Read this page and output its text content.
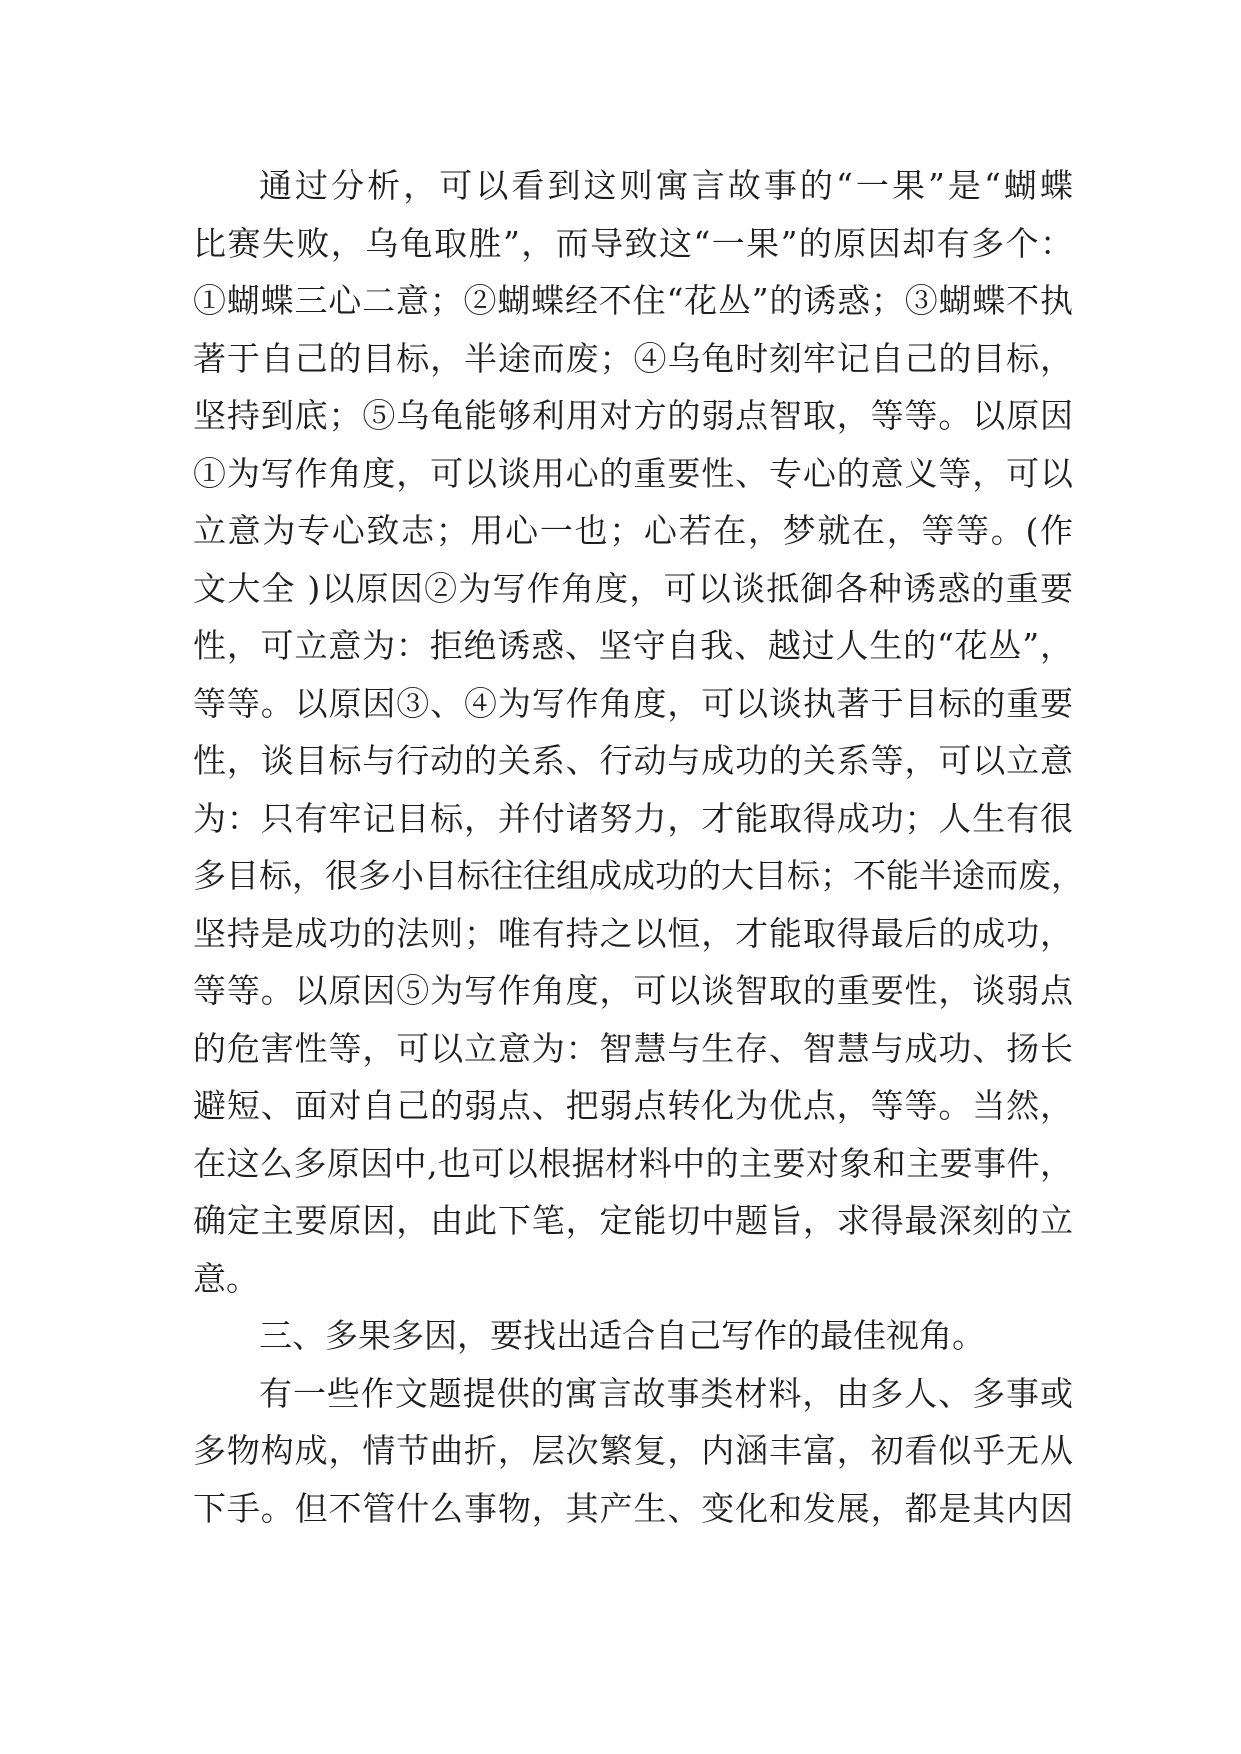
通过分析，可以看到这则寓言故事的“一果”是“蝴蝶
比赛失败，乌龟取胜”，而导致这“一果”的原因却有多个：
①蝴蝶三心二意；②蝴蝶经不住“花丛”的诱惑；③蝴蝶不执
著于自己的目标，半途而废；④乌龟时刻牢记自己的目标，
坚持到底；⑤乌龟能够利用对方的弱点智取，等等。以原因
①为写作角度，可以谈用心的重要性、专心的意义等，可以
立意为专心致志；用心一也；心若在，梦就在，等等。(作
文大全 )以原因②为写作角度，可以谈抵御各种诱惑的重要
性，可立意为：拒绝诱惑、坚守自我、越过人生的“花丛”，
等等。以原因③、④为写作角度，可以谈执著于目标的重要
性，谈目标与行动的关系、行动与成功的关系等，可以立意
为：只有牢记目标，并付诸努力，才能取得成功；人生有很
多目标，很多小目标往往组成成功的大目标；不能半途而废，
坚持是成功的法则；唯有持之以恒，才能取得最后的成功，
等等。以原因⑤为写作角度，可以谈智取的重要性，谈弱点
的危害性等，可以立意为：智慧与生存、智慧与成功、扬长
避短、面对自己的弱点、把弱点转化为优点，等等。当然，
在这么多原因中,也可以根据材料中的主要对象和主要事件，
确定主要原因，由此下笔，定能切中题旨，求得最深刻的立
意。
三、多果多因，要找出适合自己写作的最佳视角。
有一些作文题提供的寓言故事类材料，由多人、多事或
多物构成，情节曲折，层次繁复，内涵丰富，初看似乎无从
下手。但不管什么事物，其产生、变化和发展，都是其内因
